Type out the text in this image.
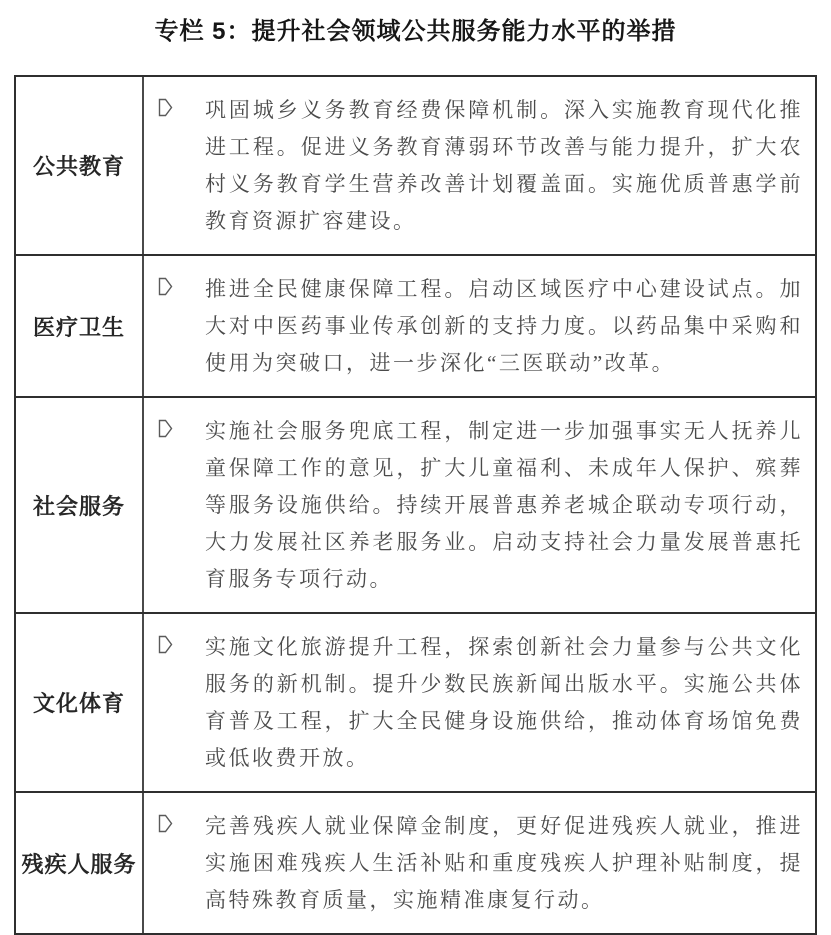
专栏 5：提升社会领域公共服务能力水平的举措
公共教育
巩固城乡义务教育经费保障机制。深入实施教育现代化推进工程。促进义务教育薄弱环节改善与能力提升，扩大农村义务教育学生营养改善计划覆盖面。实施优质普惠学前教育资源扩容建设。
医疗卫生
推进全民健康保障工程。启动区域医疗中心建设试点。加大对中医药事业传承创新的支持力度。以药品集中采购和使用为突破口，进一步深化“三医联动”改革。
社会服务
实施社会服务兜底工程，制定进一步加强事实无人抚养儿童保障工作的意见，扩大儿童福利、未成年人保护、殡葬等服务设施供给。持续开展普惠养老城企联动专项行动，大力发展社区养老服务业。启动支持社会力量发展普惠托育服务专项行动。
文化体育
实施文化旅游提升工程，探索创新社会力量参与公共文化服务的新机制。提升少数民族新闻出版水平。实施公共体育普及工程，扩大全民健身设施供给，推动体育场馆免费或低收费开放。
残疾人服务
完善残疾人就业保障金制度，更好促进残疾人就业，推进实施困难残疾人生活补贴和重度残疾人护理补贴制度，提高特殊教育质量，实施精准康复行动。
